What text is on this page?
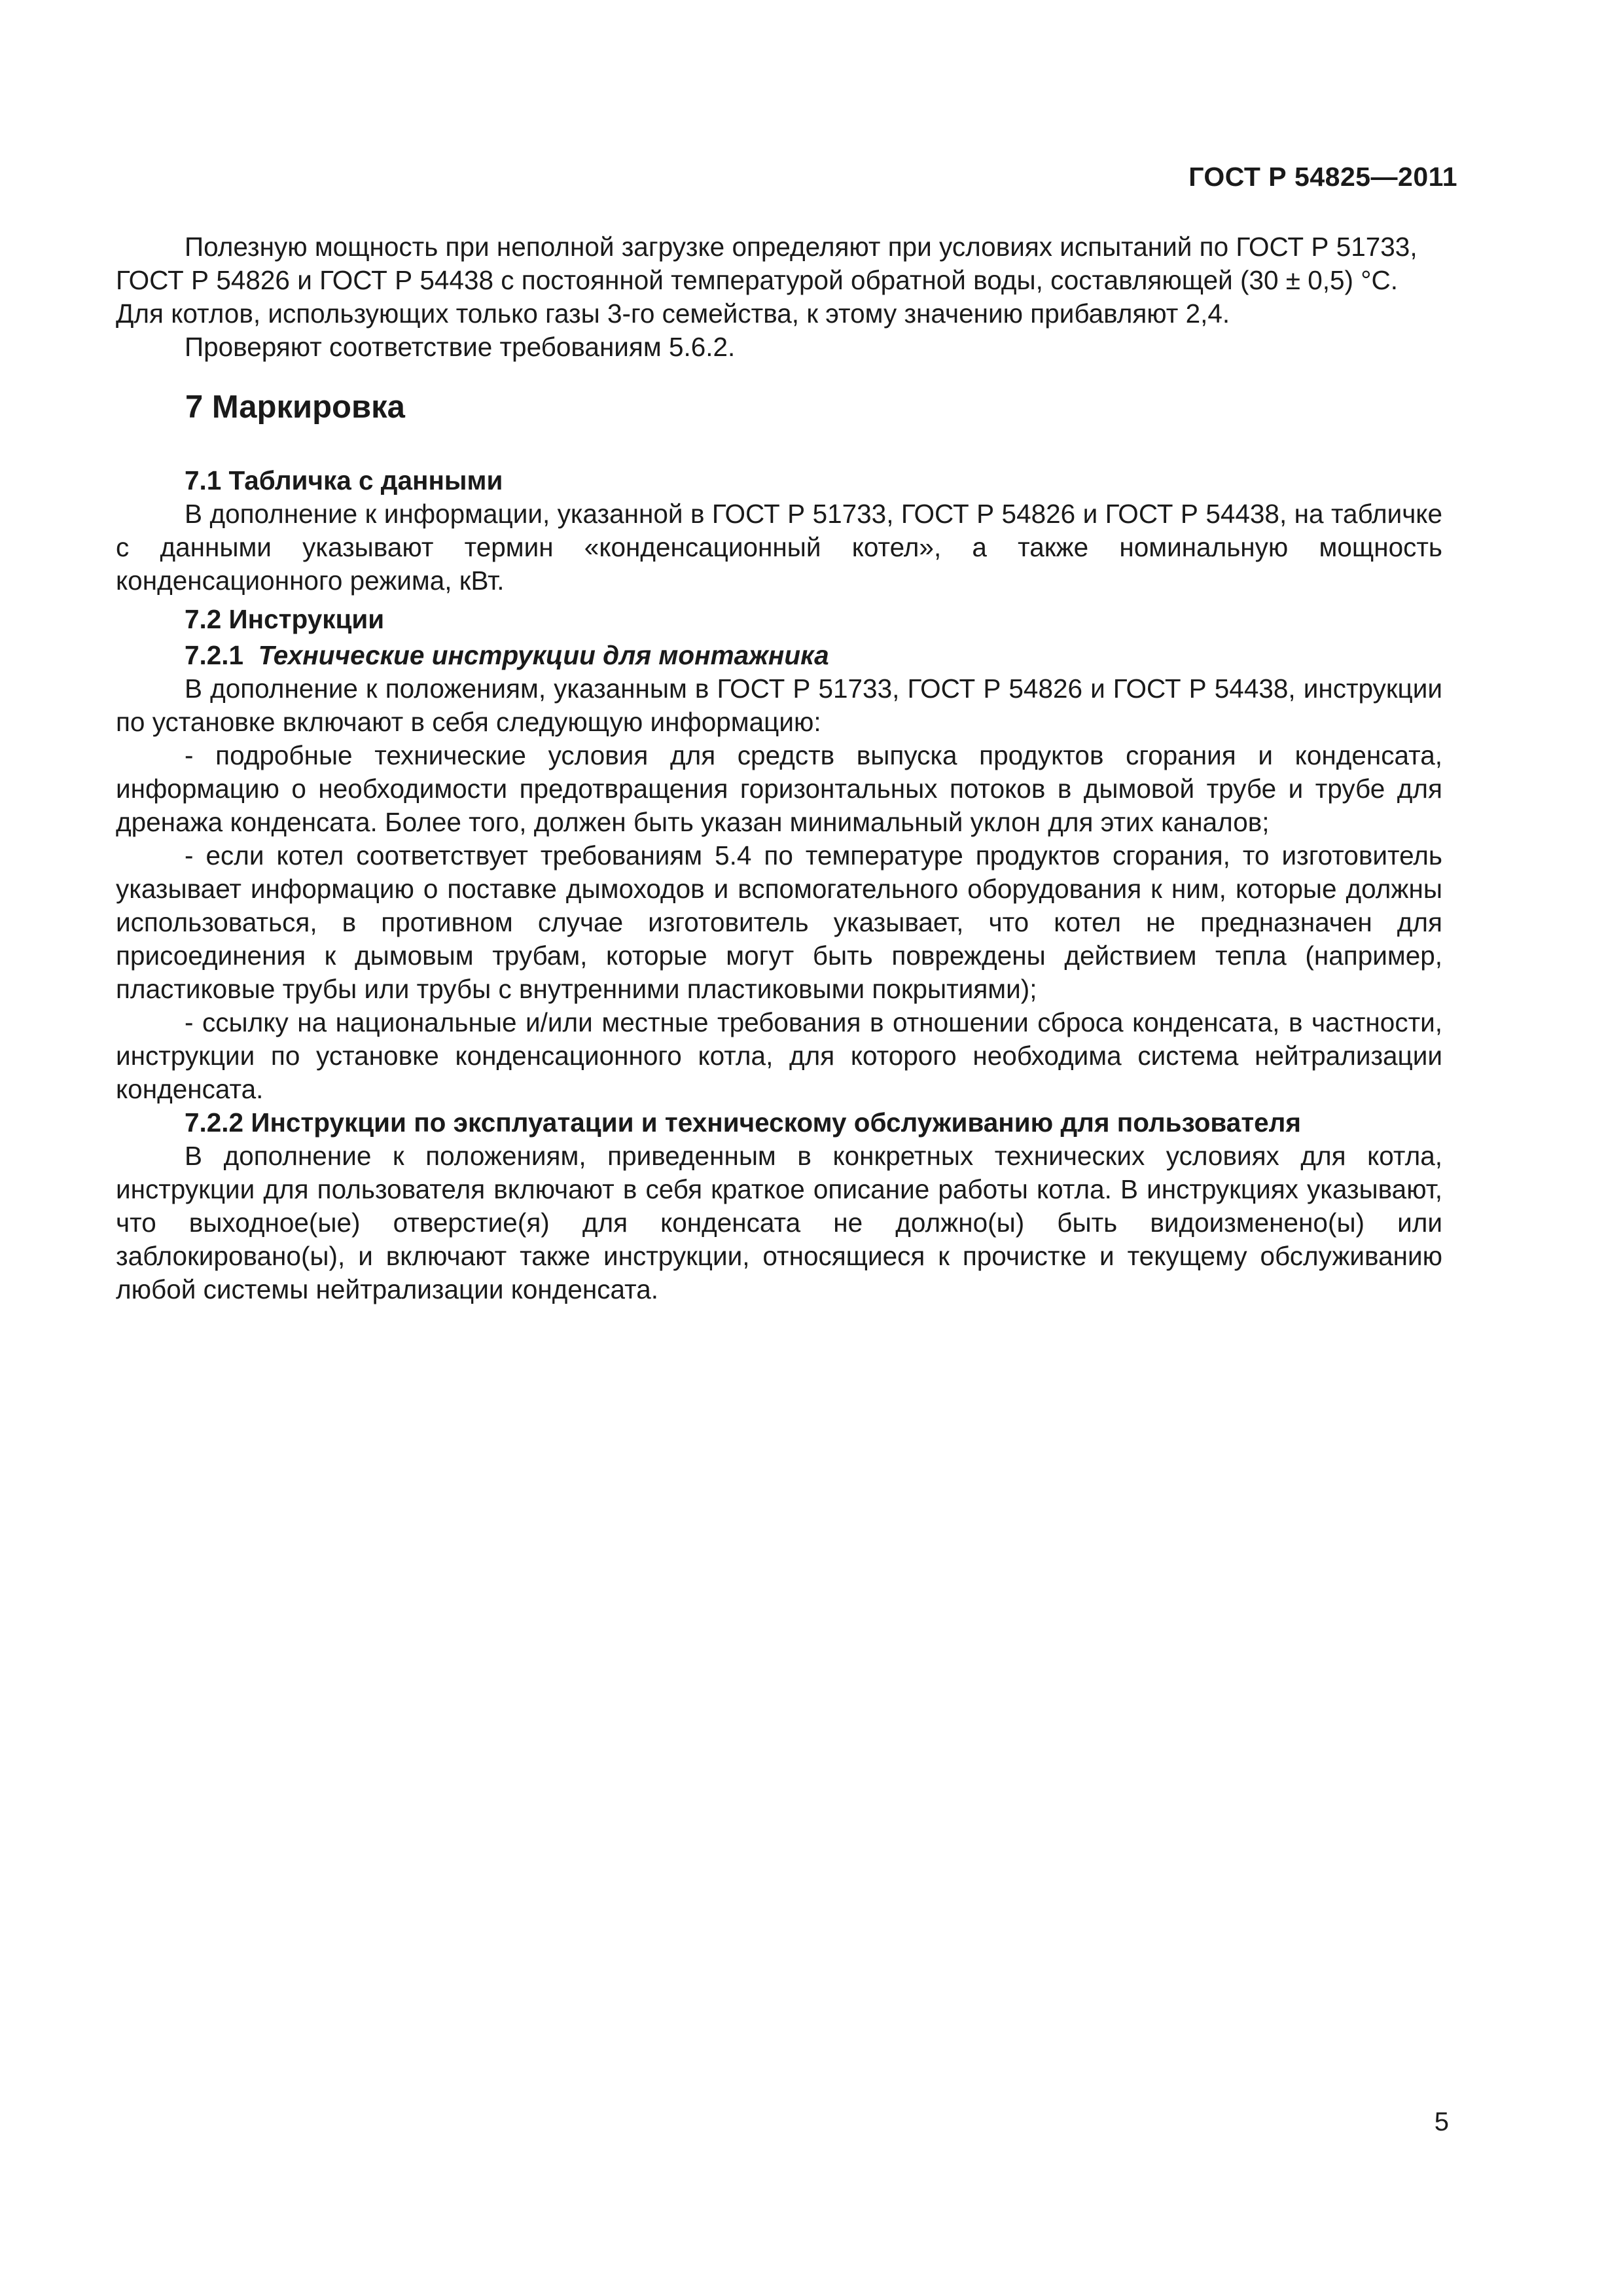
ГОСТ Р 54825—2011

Полезную мощность при неполной загрузке определяют при условиях испытаний по ГОСТ Р 51733,

ГОСТ Р 54826 и ГОСТ Р 54438 с постоянной температурой обратной воды, составляющей (30 ± 0,5) °С.

Для котлов, использующих только газы 3-го семейства, к этому значению прибавляют 2,4.

Проверяют соответствие требованиям 5.6.2.

7 Маркировка
7.1 Табличка с данными

В дополнение к информации, указанной в ГОСТ Р 51733, ГОСТ Р 54826 и ГОСТ Р 54438, на табличке с данными указывают термин «конденсационный котел», а также номинальную мощность конденсационного режима, кВт.

7.2 Инструкции
7.2.1 Технические инструкции для монтажника

В дополнение к положениям, указанным в ГОСТ Р 51733, ГОСТ Р 54826 и ГОСТ Р 54438, инструкции по установке включают в себя следующую информацию:

- подробные технические условия для средств выпуска продуктов сгорания и конденсата, информацию о необходимости предотвращения горизонтальных потоков в дымовой трубе и трубе для дренажа конденсата. Более того, должен быть указан минимальный уклон для этих каналов;

- если котел соответствует требованиям 5.4 по температуре продуктов сгорания, то изготовитель указывает информацию о поставке дымоходов и вспомогательного оборудования к ним, которые должны использоваться, в противном случае изготовитель указывает, что котел не предназначен для присоединения к дымовым трубам, которые могут быть повреждены действием тепла (например, пластиковые трубы или трубы с внутренними пластиковыми покрытиями);

- ссылку на национальные и/или местные требования в отношении сброса конденсата, в частности, инструкции по установке конденсационного котла, для которого необходима система нейтрализации конденсата.

7.2.2 Инструкции по эксплуатации и техническому обслуживанию для пользователя

В дополнение к положениям, приведенным в конкретных технических условиях для котла, инструкции для пользователя включают в себя краткое описание работы котла. В инструкциях указывают, что выходное(ые) отверстие(я) для конденсата не должно(ы) быть видоизменено(ы) или заблокировано(ы), и включают также инструкции, относящиеся к прочистке и текущему обслуживанию любой системы нейтрализации конденсата.

5
